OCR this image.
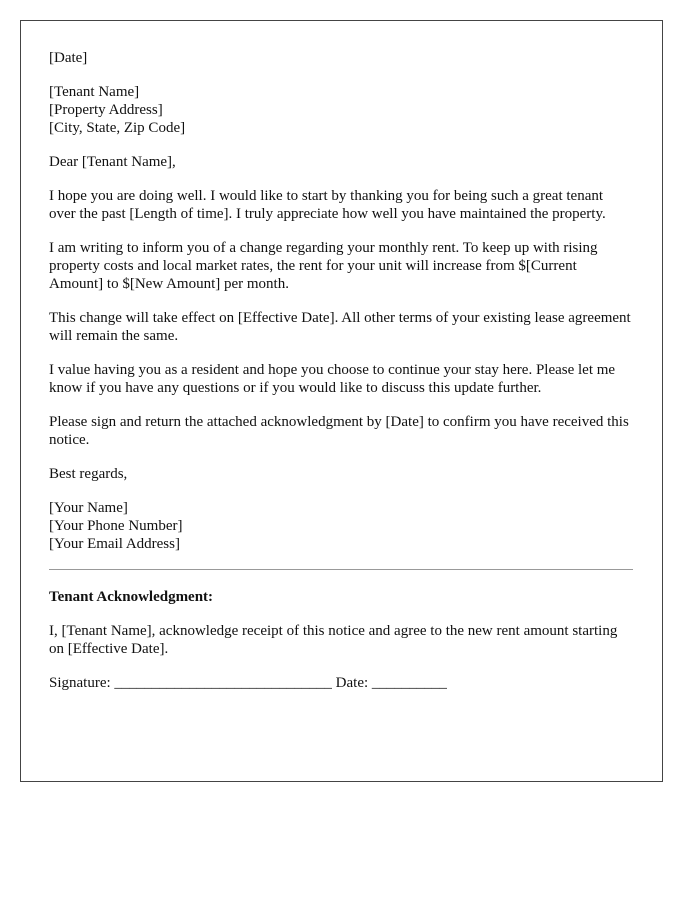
[Date]

[Tenant Name]
[Property Address]
[City, State, Zip Code]

Dear [Tenant Name],

I hope you are doing well. I would like to start by thanking you for being such a great tenant over the past [Length of time]. I truly appreciate how well you have maintained the property.

I am writing to inform you of a change regarding your monthly rent. To keep up with rising property costs and local market rates, the rent for your unit will increase from $[Current Amount] to $[New Amount] per month.

This change will take effect on [Effective Date]. All other terms of your existing lease agreement will remain the same.

I value having you as a resident and hope you choose to continue your stay here. Please let me know if you have any questions or if you would like to discuss this update further.

Please sign and return the attached acknowledgment by [Date] to confirm you have received this notice.

Best regards,

[Your Name]
[Your Phone Number]
[Your Email Address]

Tenant Acknowledgment:

I, [Tenant Name], acknowledge receipt of this notice and agree to the new rent amount starting on [Effective Date].

Signature: _____________________________ Date: __________
